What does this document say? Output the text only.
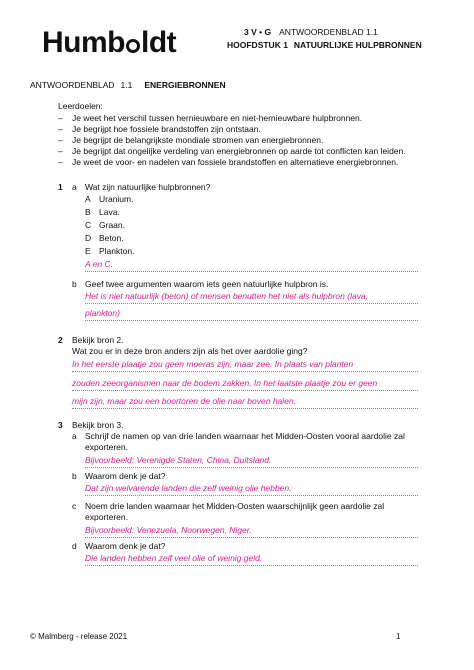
Humb ldt	3 V • G ANTWOORDENBLAD 1.1
HOOFDSTUK 1 NATUURLIJKE HULPBRONNEN
ANTWOORDENBLAD 1.1 ENERGIEBRONNEN
Leerdoelen:
– Je weet het verschil tussen hernieuwbare en niet-hernieuwbare hulpbronnen.
– Je begrijpt hoe fossiele brandstoffen zijn ontstaan.
– Je begrijpt de belangrijkste mondiale stromen van energiebronnen.
– Je begrijpt dat ongelijke verdeling van energiebronnen op aarde tot conflicten kan leiden.
– Je weet de voor- en nadelen van fossiele brandstoffen en alternatieve energiebronnen.
1 a Wat zijn natuurlijke hulpbronnen?
A Uranium.
B Lava.
C Graan.
D Beton.
E Plankton.
A en C.
b Geef twee argumenten waarom iets geen natuurlijke hulpbron is.
Het is niet natuurlijk (beton) of mensen benutten het niet als hulpbron (lava,
plankton)
2 Bekijk bron 2.
Wat zou er in deze bron anders zijn als het over aardolie ging?
In het eerste plaatje zou geen moeras zijn, maar zee. In plaats van planten
zouden zeeorganismen naar de bodem zakken. In het laatste plaatje zou er geen
mijn zijn, maar zou een boortoren de olie naar boven halen.
3 Bekijk bron 3.
a Schrijf de namen op van drie landen waarnaar het Midden-Oosten vooral aardolie zal
exporteren.
Bijvoorbeeld: Verenigde Staten, China, Duitsland.
b Waarom denk je dat?
Dat zijn welvarende landen die zelf weinig olie hebben.
c Noem drie landen waarnaar het Midden-Oosten waarschijnlijk geen aardolie zal
exporteren.
Bijvoorbeeld: Venezuela, Noorwegen, Niger.
d Waarom denk je dat?
Die landen hebben zelf veel olie of weinig geld.
© Malmberg - release 2021	1
